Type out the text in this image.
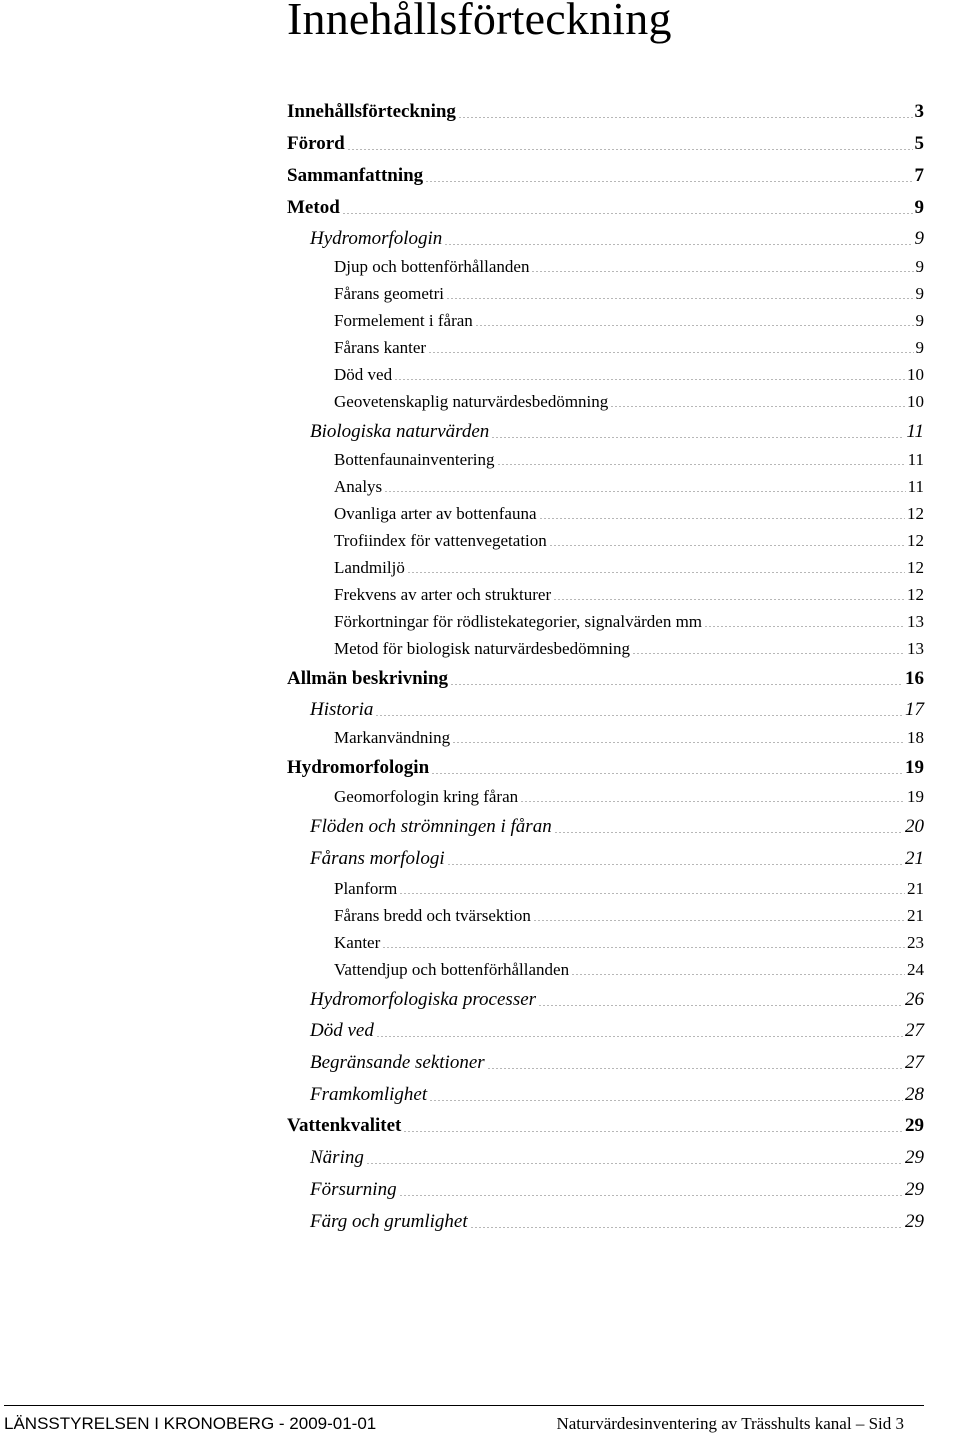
Innehållsförteckning
Innehållsförteckning	3
Förord	5
Sammanfattning	7
Metod	9
Hydromorfologin	9
Djup och bottenförhållanden	9
Fårans geometri	9
Formelement i fåran	9
Fårans kanter	9
Död ved	10
Geovetenskaplig naturvärdesbedömning	10
Biologiska naturvärden	11
Bottenfaunainventering	11
Analys	11
Ovanliga arter av bottenfauna	12
Trofiindex för vattenvegetation	12
Landmiljö	12
Frekvens av arter och strukturer	12
Förkortningar för rödlistekategorier, signalvärden mm	13
Metod för biologisk naturvärdesbedömning	13
Allmän beskrivning	16
Historia	17
Markanvändning	18
Hydromorfologin	19
Geomorfologin kring fåran	19
Flöden och strömningen i fåran	20
Fårans morfologi	21
Planform	21
Fårans bredd och tvärsektion	21
Kanter	23
Vattendjup och bottenförhållanden	24
Hydromorfologiska processer	26
Död ved	27
Begränsande sektioner	27
Framkomlighet	28
Vattenkvalitet	29
Näring	29
Försurning	29
Färg och grumlighet	29
LÄNSSTYRELSEN I KRONOBERG - 2009-01-01	Naturvärdesinventering av Trässhults kanal – Sid 3
